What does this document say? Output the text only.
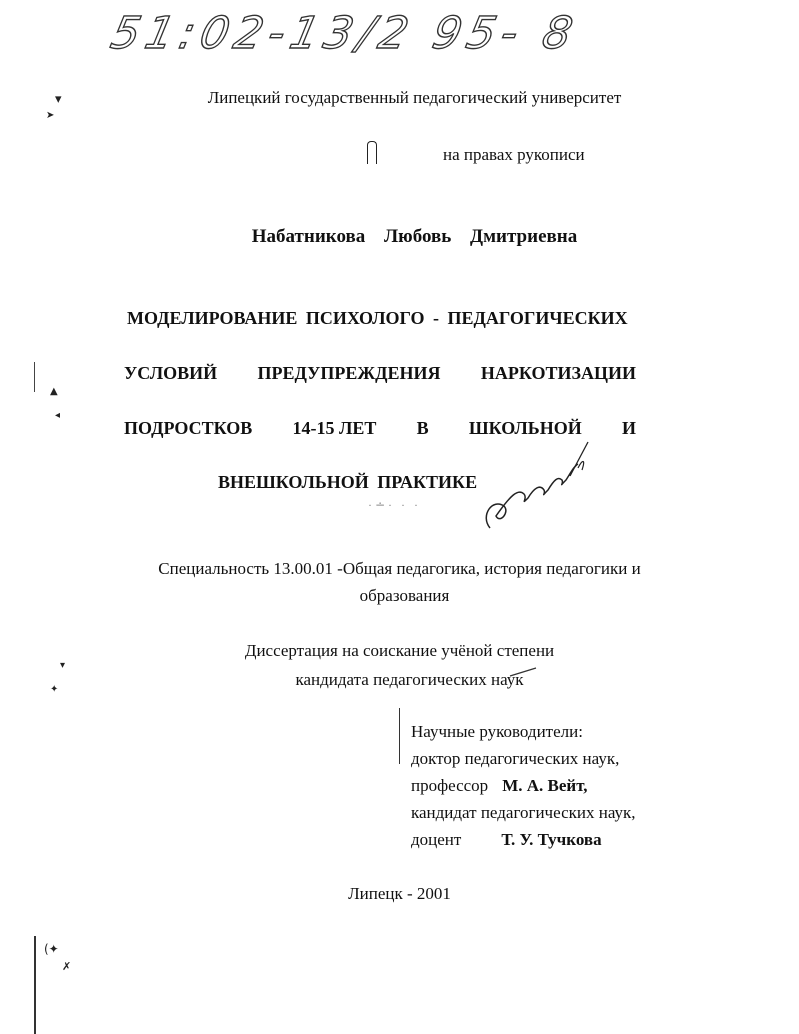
51:02-13/2 95- 8
▾
➤
▲
◂
▾
✦
(✦
✗
Липецкий государственный педагогический университет
на правах рукописи
Набатникова Любовь Дмитриевна
МОДЕЛИРОВАНИЕ ПСИХОЛОГО - ПЕДАГОГИЧЕСКИХ
УСЛОВИЙ ПРЕДУПРЕЖДЕНИЯ НАРКОТИЗАЦИИ
ПОДРОСТКОВ 14-15 ЛЕТ В ШКОЛЬНОЙ И
ВНЕШКОЛЬНОЙ ПРАКТИКЕ
·∸· · ·
Специальность 13.00.01 -Общая педагогика, история педагогики и
образования
Диссертация на соискание учёной степени
кандидата педагогических наук
Научные руководители:
доктор педагогических наук,
профессор М. А. Вейт,
кандидат педагогических наук,
доцент Т. У. Тучкова
Липецк - 2001
